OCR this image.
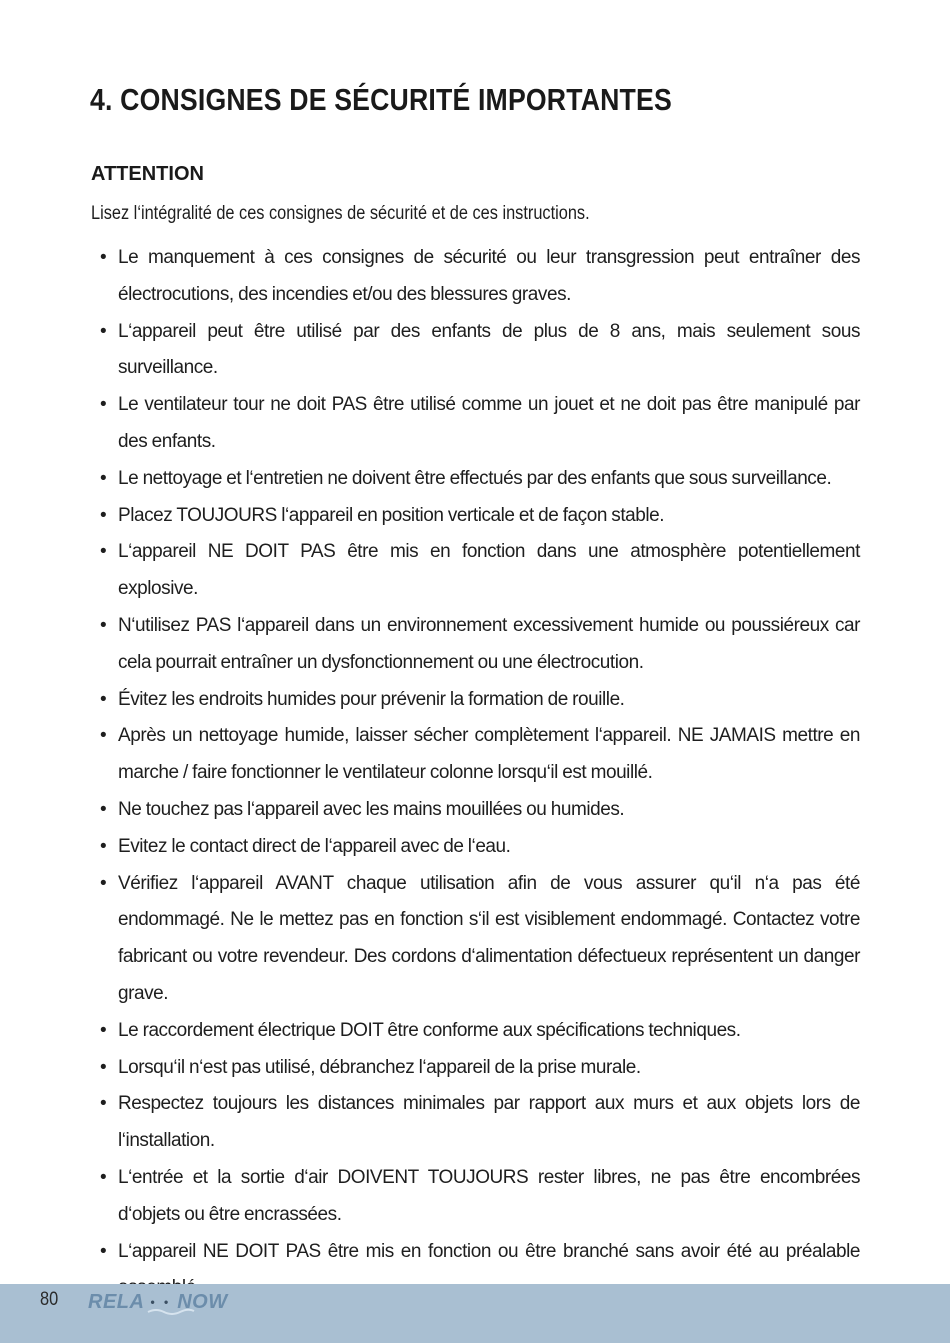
4. CONSIGNES DE SÉCURITÉ IMPORTANTES
ATTENTION

Lisez l‘intégralité de ces consignes de sécurité et de ces instructions.

• Le manquement à ces consignes de sécurité ou leur transgression peut entraîner des électrocutions, des incendies et/ou des blessures graves.
• L‘appareil peut être utilisé par des enfants de plus de 8 ans, mais seulement sous surveillance.
• Le ventilateur tour ne doit PAS être utilisé comme un jouet et ne doit pas être manipulé par des enfants.
• Le nettoyage et l‘entretien ne doivent être effectués par des enfants que sous surveillance.
• Placez TOUJOURS l‘appareil en position verticale et de façon stable.
• L‘appareil NE DOIT PAS être mis en fonction dans une atmosphère potentiellement explosive.
• N‘utilisez PAS l‘appareil dans un environnement excessivement humide ou poussiéreux car cela pourrait entraîner un dysfonctionnement ou une électrocution.
• Évitez les endroits humides pour prévenir la formation de rouille.
• Après un nettoyage humide, laisser sécher complètement l‘appareil. NE JAMAIS mettre en marche / faire fonctionner le ventilateur colonne lorsqu‘il est mouillé.
• Ne touchez pas l‘appareil avec les mains mouillées ou humides.
• Evitez le contact direct de l‘appareil avec de l‘eau.
• Vérifiez l‘appareil AVANT chaque utilisation afin de vous assurer qu‘il n‘a pas été endommagé. Ne le mettez pas en fonction s‘il est visiblement endommagé. Contactez votre fabricant ou votre revendeur. Des cordons d‘alimentation défectueux représentent un danger grave.
• Le raccordement électrique DOIT être conforme aux spécifications techniques.
• Lorsqu‘il n‘est pas utilisé, débranchez l‘appareil de la prise murale.
• Respectez toujours les distances minimales par rapport aux murs et aux objets lors de l‘installation.
• L‘entrée et la sortie d‘air DOIVENT TOUJOURS rester libres, ne pas être encombrées d‘objets ou être encrassées.
• L‘appareil NE DOIT PAS être mis en fonction ou être branché sans avoir été au préalable
80 RELA • • NOW
